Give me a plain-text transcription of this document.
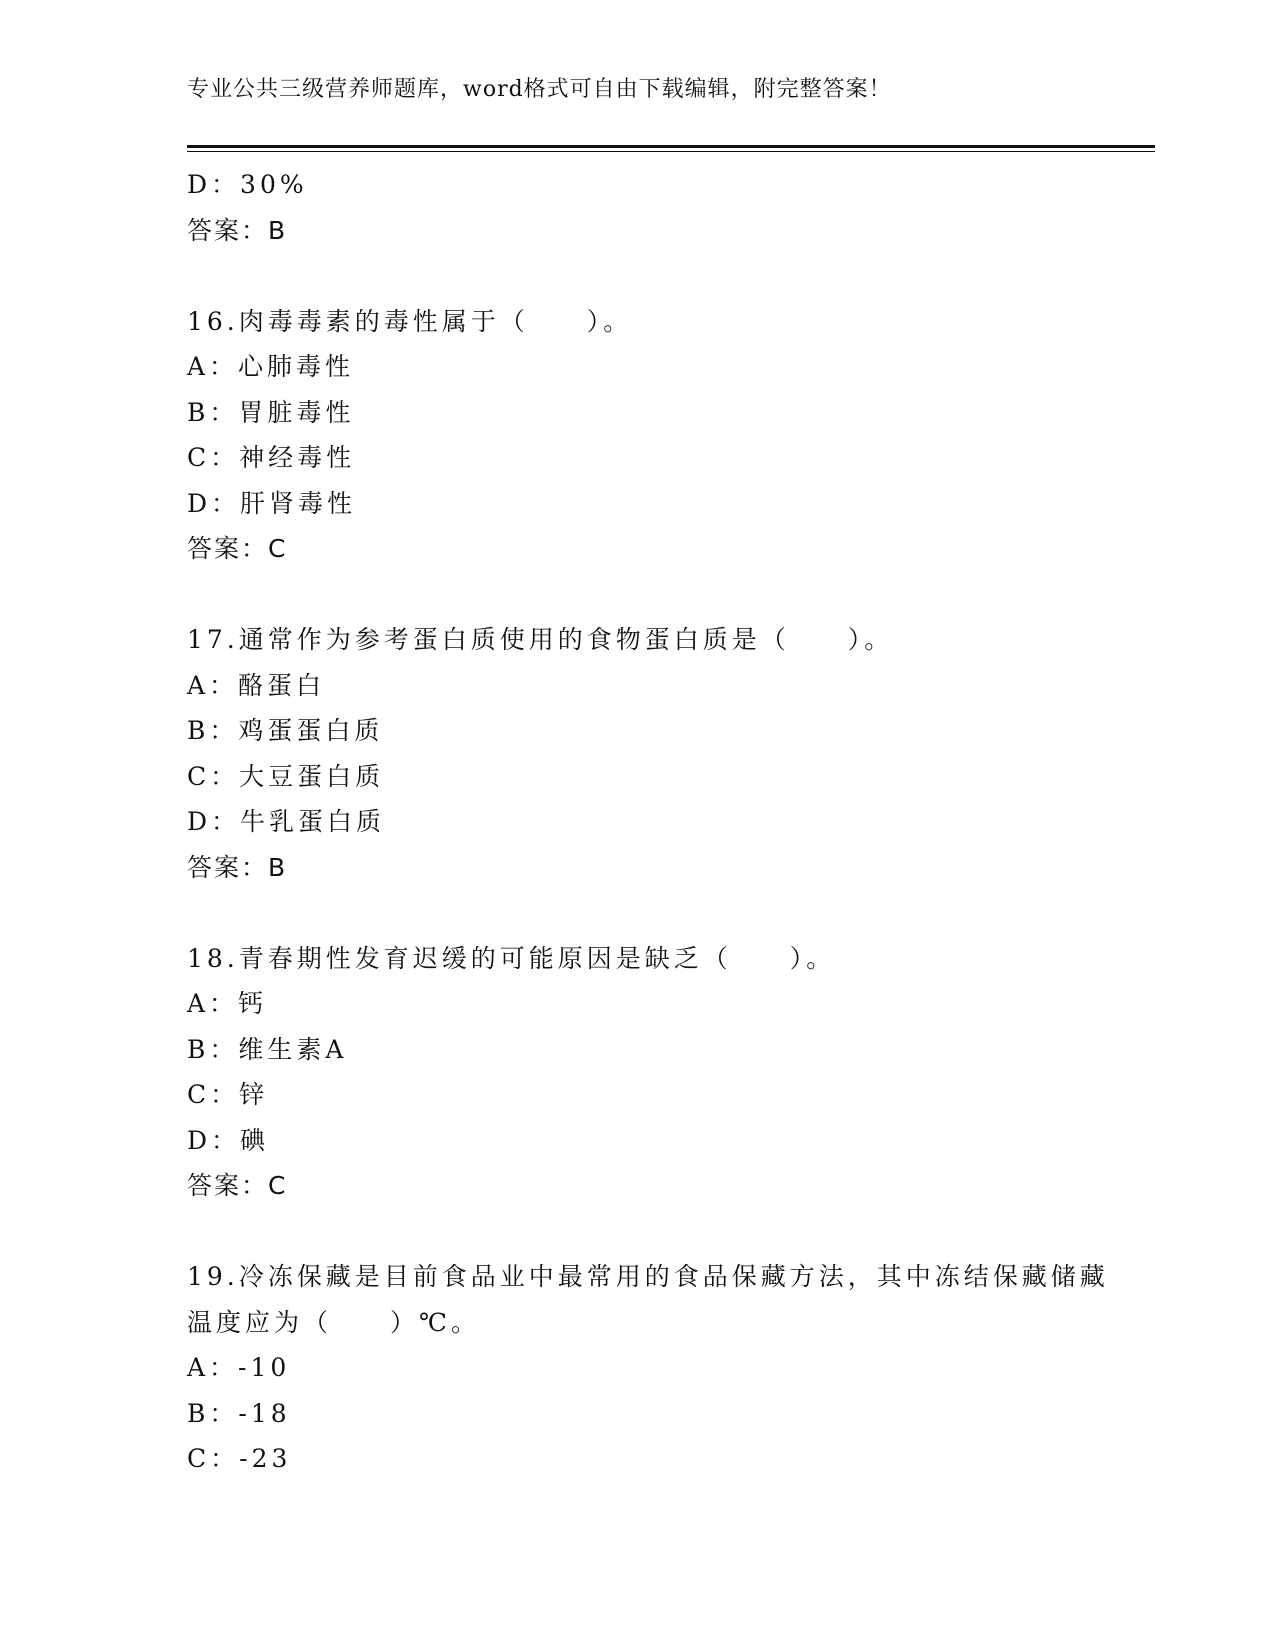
专业公共三级营养师题库，word格式可自由下载编辑，附完整答案！
D：30%
答案：B
16.肉毒毒素的毒性属于（　　）。
A：心肺毒性
B：胃脏毒性
C：神经毒性
D：肝肾毒性
答案：C
17.通常作为参考蛋白质使用的食物蛋白质是（　　）。
A：酪蛋白
B：鸡蛋蛋白质
C：大豆蛋白质
D：牛乳蛋白质
答案：B
18.青春期性发育迟缓的可能原因是缺乏（　　）。
A：钙
B：维生素A
C：锌
D：碘
答案：C
19.冷冻保藏是目前食品业中最常用的食品保藏方法，其中冻结保藏储藏温度应为（　　）℃。
A：-10
B：-18
C：-23
